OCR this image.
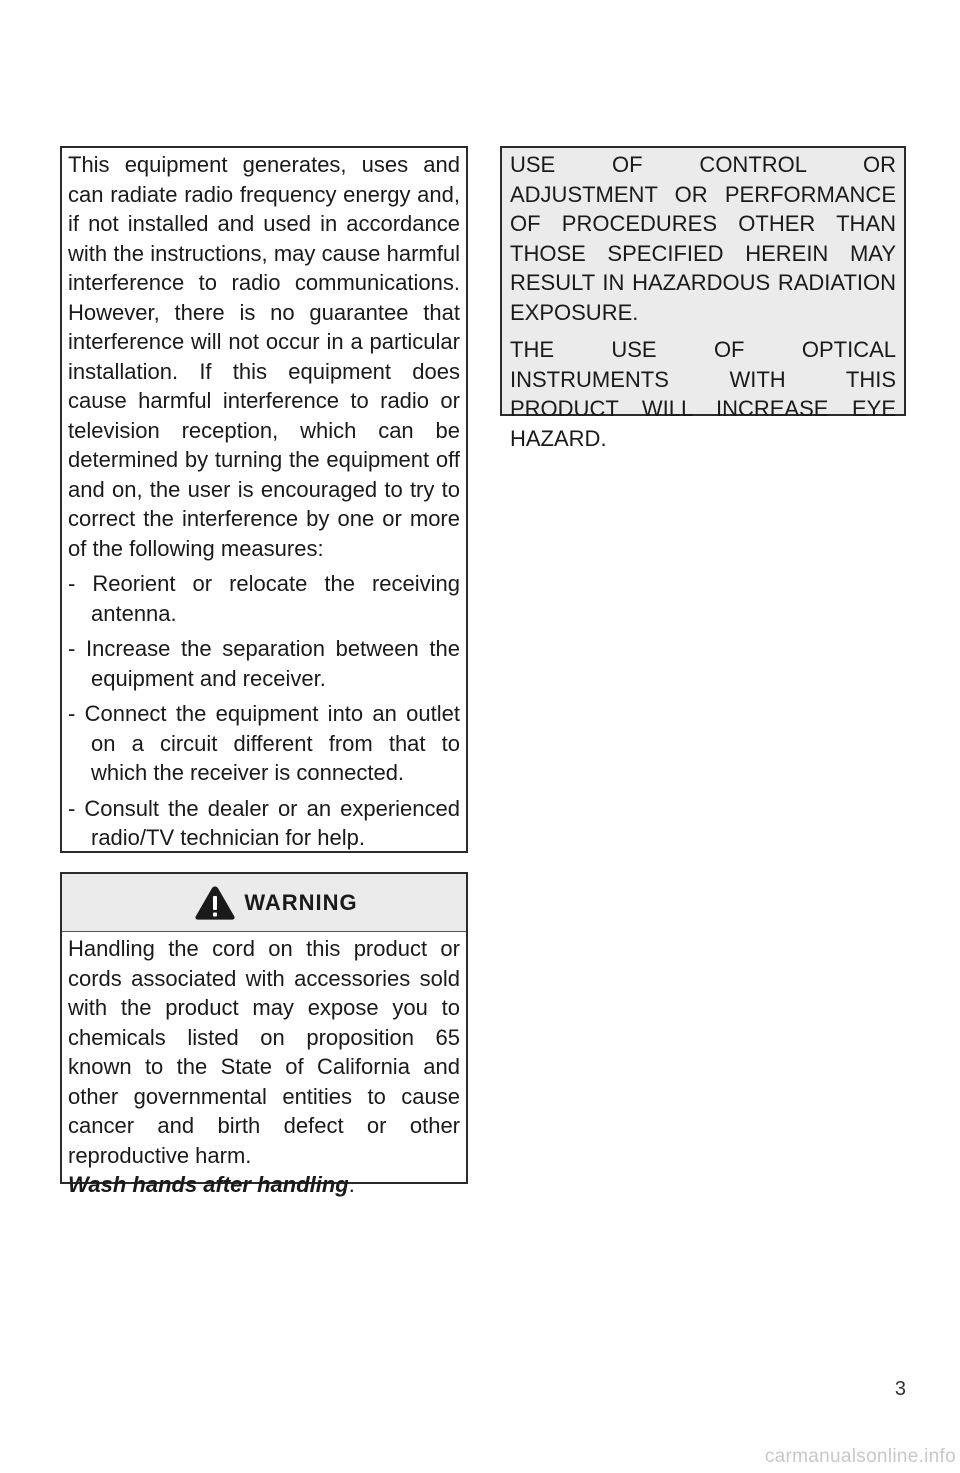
This equipment generates, uses and can radiate radio frequency energy and, if not installed and used in accordance with the instructions, may cause harmful interference to radio communications. However, there is no guarantee that interference will not occur in a particular installation. If this equipment does cause harmful interference to radio or television reception, which can be determined by turning the equipment off and on, the user is encouraged to try to correct the interference by one or more of the following measures:

- Reorient or relocate the receiving antenna.

- Increase the separation between the equipment and receiver.

- Connect the equipment into an outlet on a circuit different from that to which the receiver is connected.

- Consult the dealer or an experienced radio/TV technician for help.

USE OF CONTROL OR ADJUSTMENT OR PERFORMANCE OF PROCEDURES OTHER THAN THOSE SPECIFIED HEREIN MAY RESULT IN HAZARDOUS RADIATION EXPOSURE.

THE USE OF OPTICAL INSTRUMENTS WITH THIS PRODUCT WILL INCREASE EYE HAZARD.

WARNING

Handling the cord on this product or cords associated with accessories sold with the product may expose you to chemicals listed on proposition 65 known to the State of California and other governmental entities to cause cancer and birth defect or other reproductive harm.

Wash hands after handling.

3
carmanualsonline.info
